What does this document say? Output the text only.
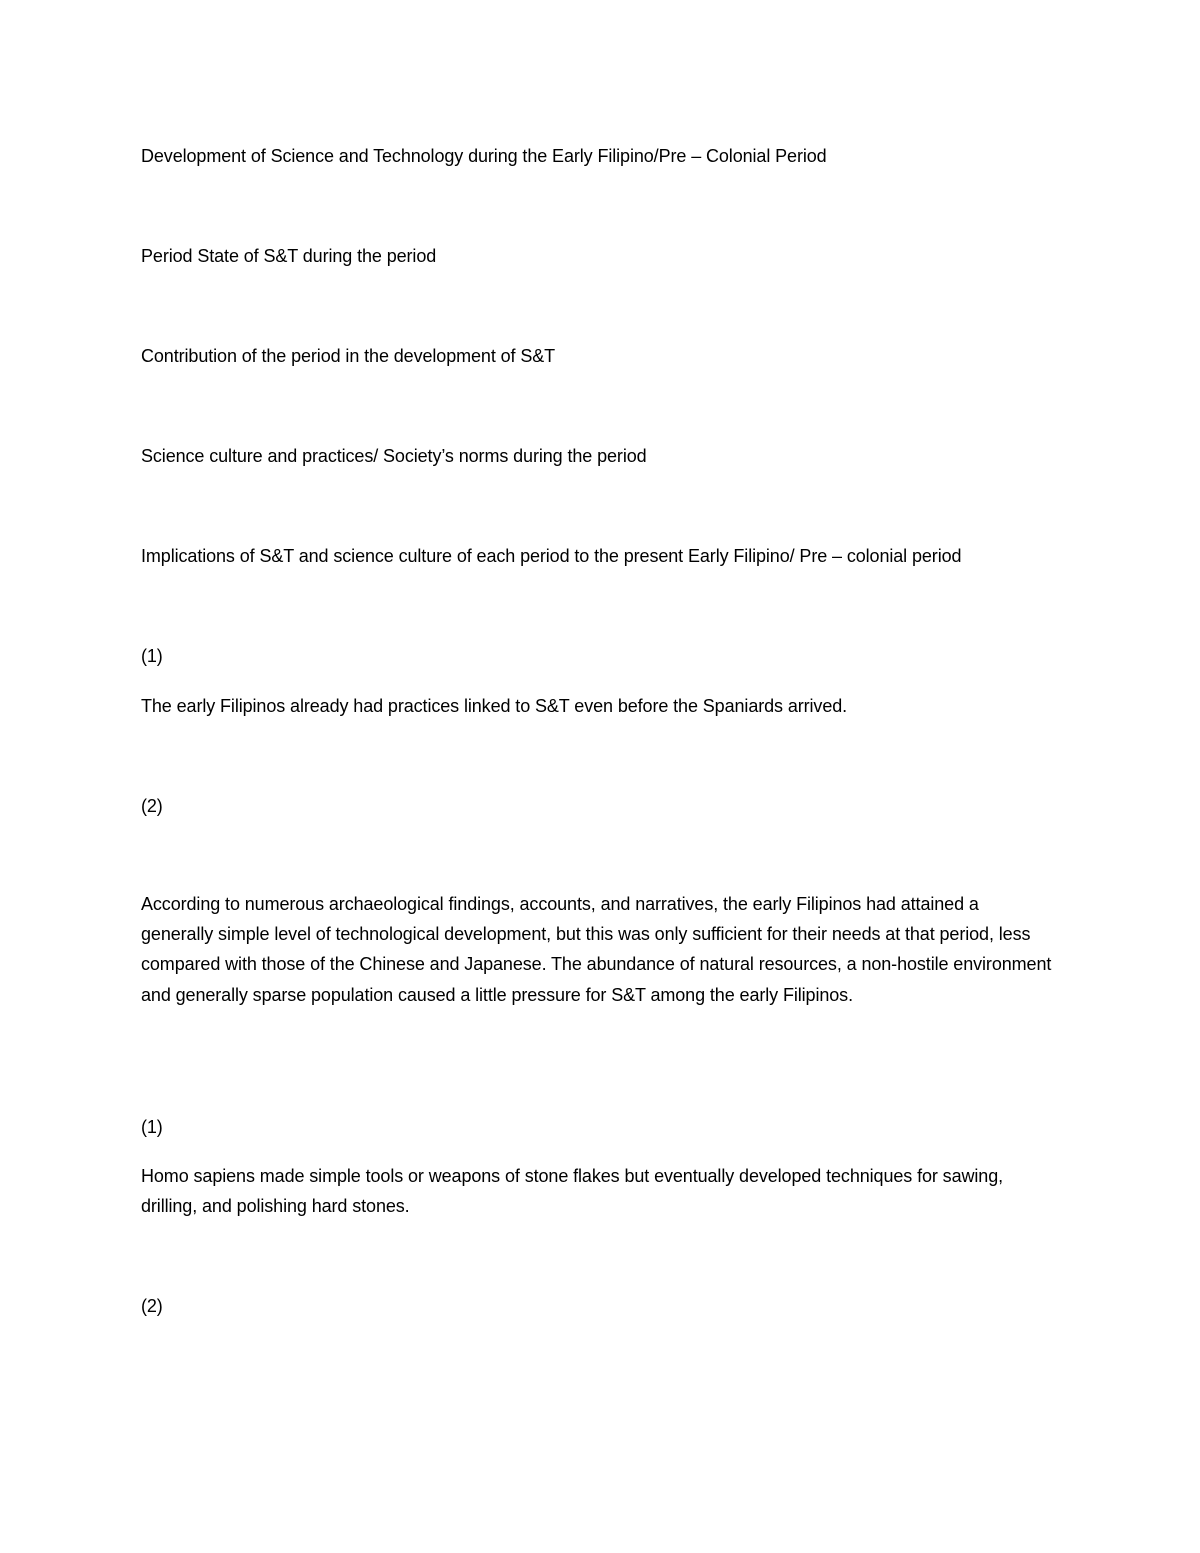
Development of Science and Technology during the Early Filipino/Pre – Colonial Period
Period State of S&T during the period
Contribution of the period in the development of S&T
Science culture and practices/ Society’s norms during the period
Implications of S&T and science culture of each period to the present Early Filipino/ Pre – colonial period
(1)
The early Filipinos already had practices linked to S&T even before the Spaniards arrived.
(2)
According to numerous archaeological findings, accounts, and narratives, the early Filipinos had attained a generally simple level of technological development, but this was only sufficient for their needs at that period, less compared with those of the Chinese and Japanese. The abundance of natural resources, a non-hostile environment and generally sparse population caused a little pressure for S&T among the early Filipinos.
(1)
Homo sapiens made simple tools or weapons of stone flakes but eventually developed techniques for sawing, drilling, and polishing hard stones.
(2)
